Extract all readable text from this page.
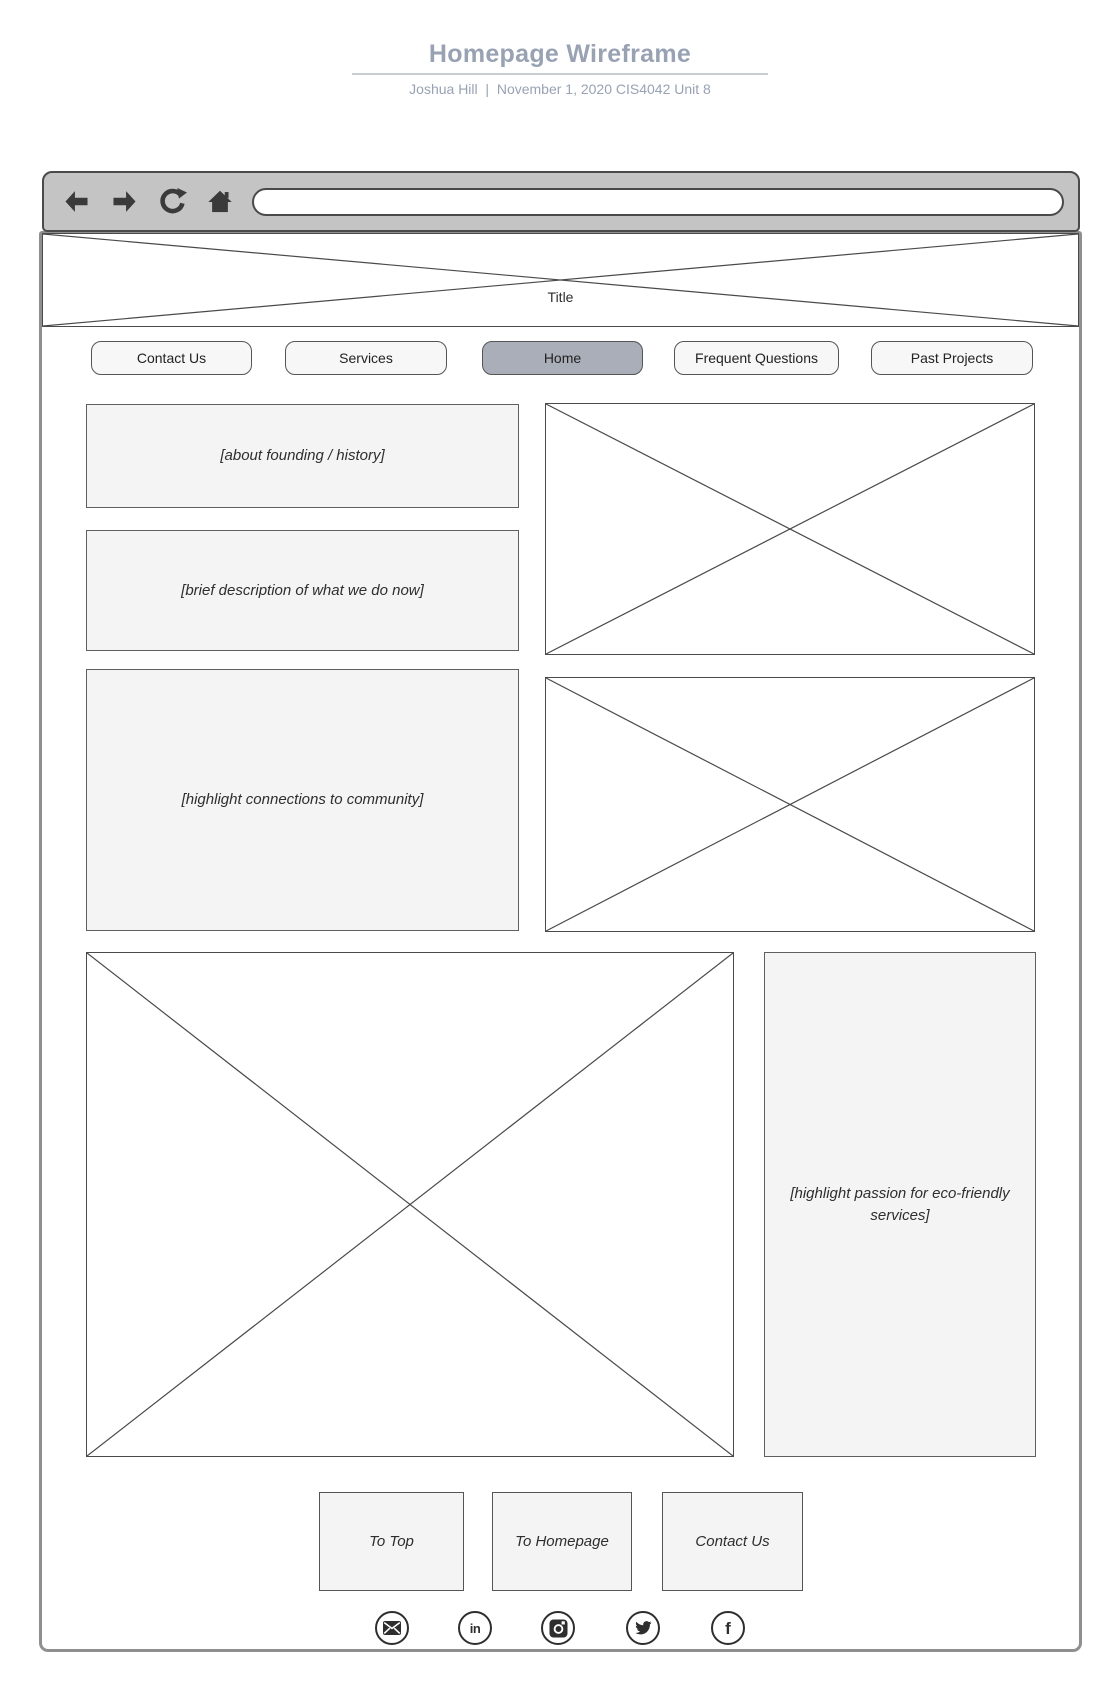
Homepage Wireframe
Joshua Hill  |  November 1, 2020 CIS4042 Unit 8
Title
Contact Us	Services	Home	Frequent Questions	Past Projects
[about founding / history]
[brief description of what we do now]
[highlight connections to community]
[highlight passion for eco-friendly services]
To Top	To Homepage	Contact Us
in	f
